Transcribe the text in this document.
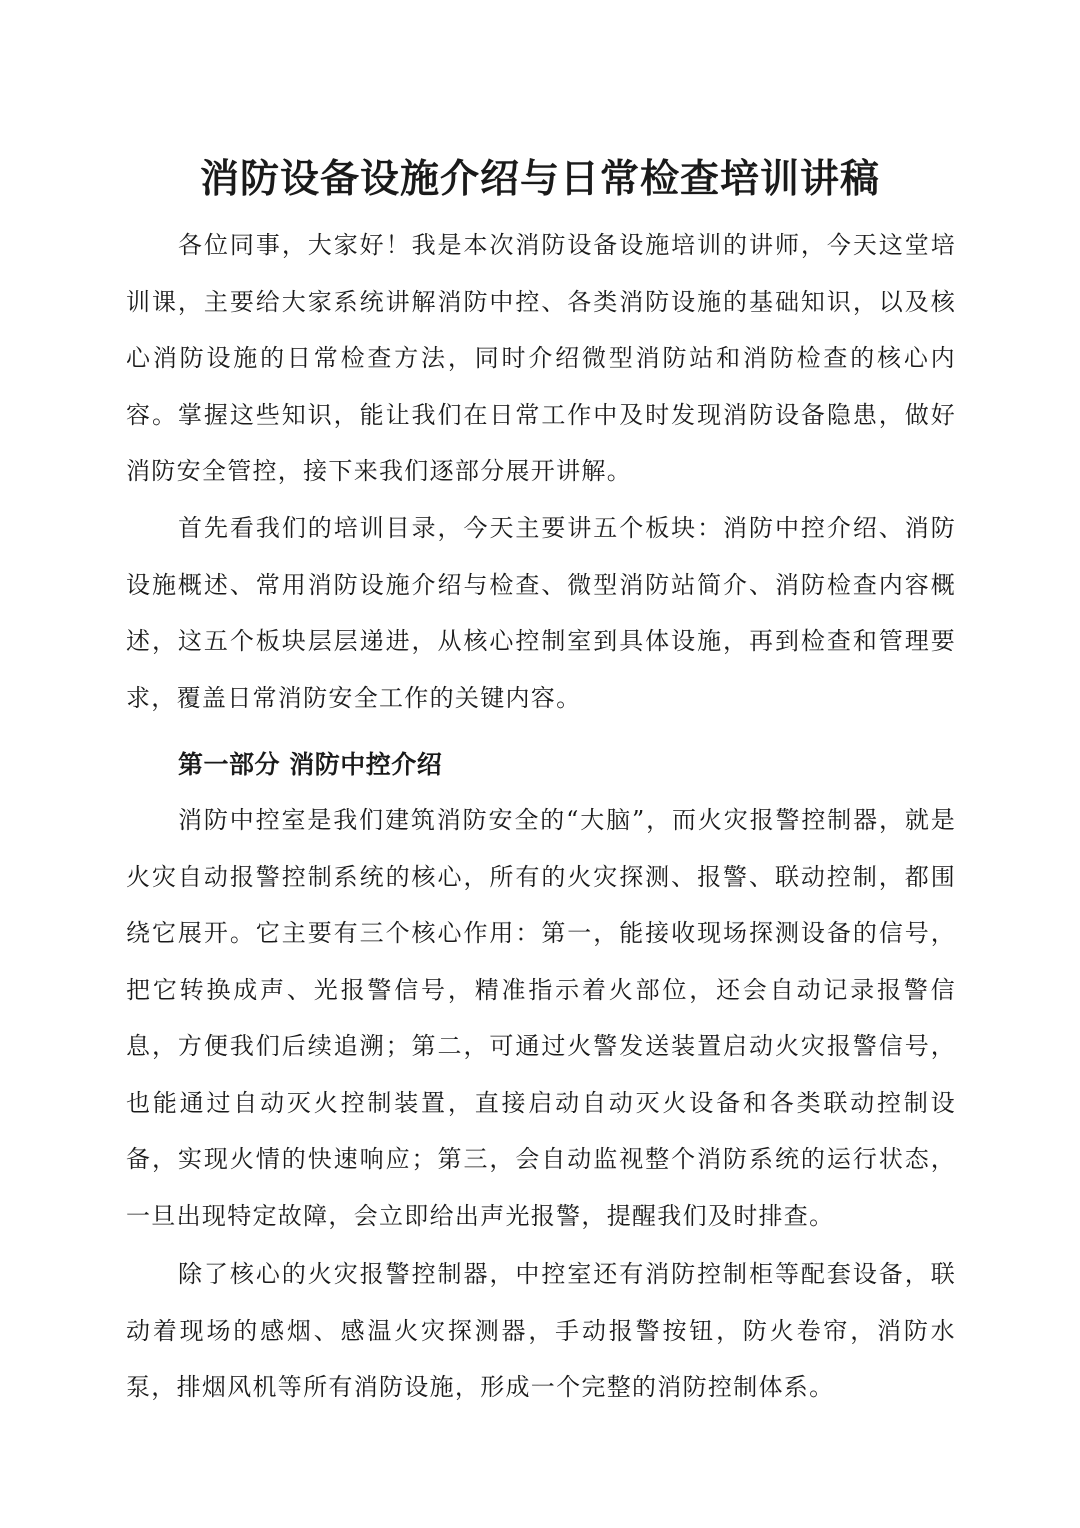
消防设备设施介绍与日常检查培训讲稿

各位同事，大家好！我是本次消防设备设施培训的讲师，今天这堂培训课，主要给大家系统讲解消防中控、各类消防设施的基础知识，以及核心消防设施的日常检查方法，同时介绍微型消防站和消防检查的核心内容。掌握这些知识，能让我们在日常工作中及时发现消防设备隐患，做好消防安全管控，接下来我们逐部分展开讲解。

首先看我们的培训目录，今天主要讲五个板块：消防中控介绍、消防设施概述、常用消防设施介绍与检查、微型消防站简介、消防检查内容概述，这五个板块层层递进，从核心控制室到具体设施，再到检查和管理要求，覆盖日常消防安全工作的关键内容。

第一部分 消防中控介绍

消防中控室是我们建筑消防安全的“大脑”，而火灾报警控制器，就是火灾自动报警控制系统的核心，所有的火灾探测、报警、联动控制，都围绕它展开。它主要有三个核心作用：第一，能接收现场探测设备的信号，把它转换成声、光报警信号，精准指示着火部位，还会自动记录报警信息，方便我们后续追溯；第二，可通过火警发送装置启动火灾报警信号，也能通过自动灭火控制装置，直接启动自动灭火设备和各类联动控制设备，实现火情的快速响应；第三，会自动监视整个消防系统的运行状态，一旦出现特定故障，会立即给出声光报警，提醒我们及时排查。

除了核心的火灾报警控制器，中控室还有消防控制柜等配套设备，联动着现场的感烟、感温火灾探测器，手动报警按钮，防火卷帘，消防水泵，排烟风机等所有消防设施，形成一个完整的消防控制体系。
